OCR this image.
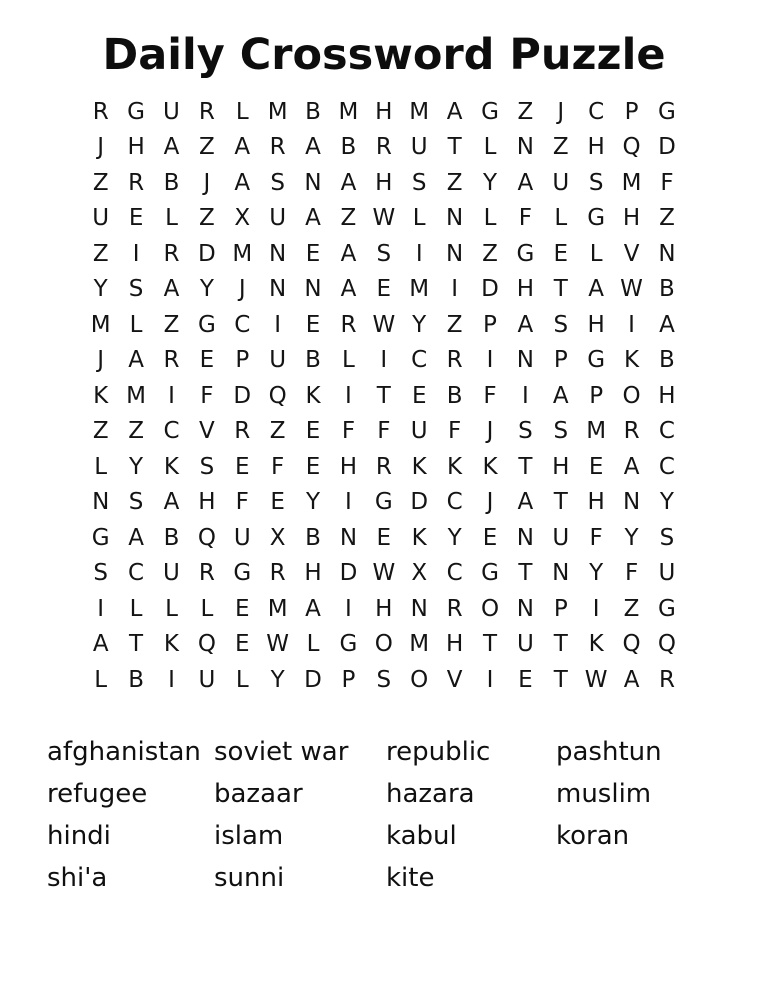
Daily Crossword Puzzle
R G U R L M B M H M A G Z	J	C P G
J	H A Z A R A B R U T L N Z H Q D
Z R B	J	A S N A H S Z Y A U S M F
U E L Z X U A Z W L N L F L G H Z
Z	I	R D M N E A S	I	N Z G E L V N
Y S A Y	J	N N A E M I	D H T A W B
M L Z G C	I	E R W Y Z P A S H	I	A
J	A R E P U B L	I	C R	I	N P G K B
K M I	F D Q K	I	T E B F	I	A P O H
Z Z C V R Z E F F U F	J	S S M R C
L Y K S E F E H R K K K T H E A C
N S A H F E Y	I	G D C	J	A T H N Y
G A B Q U X B N E K Y E N U F Y S
S C U R G R H D W X C G T N Y F U
I	L L L E M A	I	H N R O N P	I	Z G
A T K Q E W L G O M H T U T K Q Q
L B	I	U L Y D P S O V	I	E T W A R
afghanistan
refugee
hindi
shi'a
soviet war
bazaar
islam
sunni
republic
hazara
kabul
kite
pashtun
muslim
koran
